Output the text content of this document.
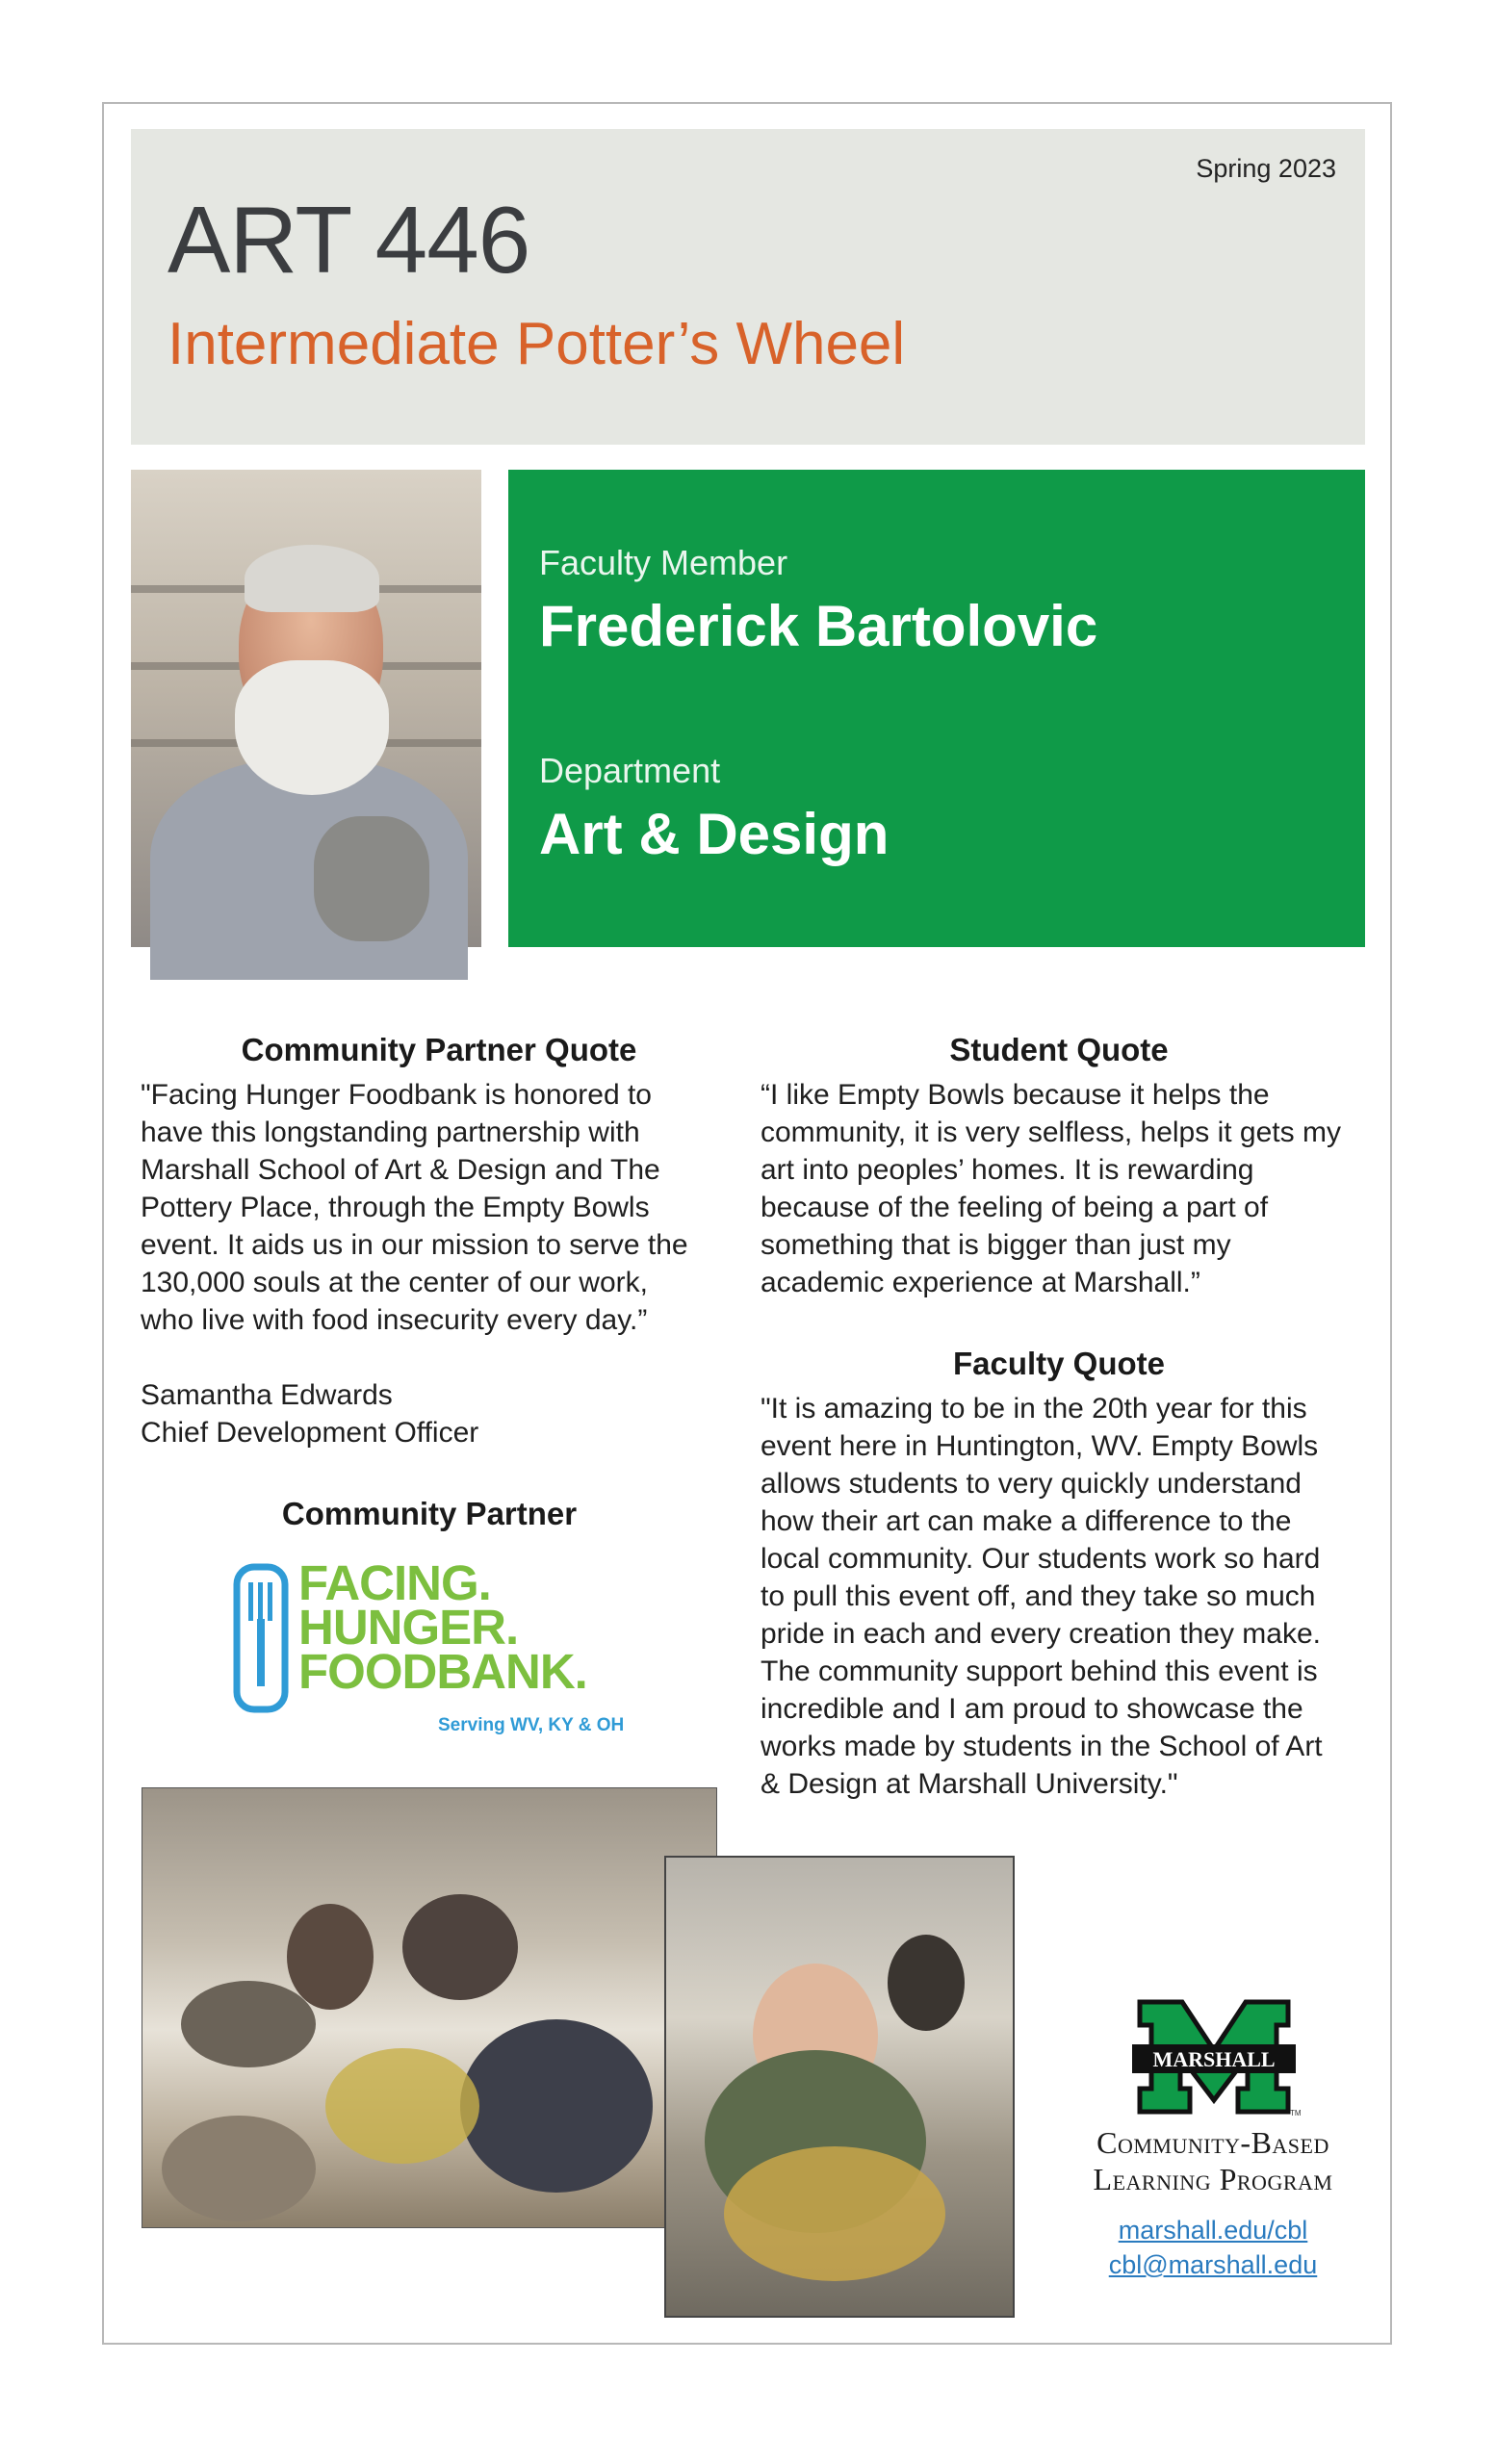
Spring 2023
ART 446
Intermediate Potter’s Wheel
Faculty Member
Frederick Bartolovic
Department
Art & Design
Community Partner Quote
"Facing Hunger Foodbank is honored to
have this longstanding partnership with
Marshall School of Art & Design and The
Pottery Place, through the Empty Bowls
event. It aids us in our mission to serve the
130,000 souls at the center of our work,
who live with food insecurity every day.”
Samantha Edwards
Chief Development Officer
Community Partner
FACING.
HUNGER.
FOODBANK.
Serving WV, KY & OH
Student Quote
“I like Empty Bowls because it helps the
community, it is very selfless, helps it gets my
art into peoples’ homes. It is rewarding
because of the feeling of being a part of
something that is bigger than just my
academic experience at Marshall.”
Faculty Quote
"It is amazing to be in the 20th year for this
event here in Huntington, WV. Empty Bowls
allows students to very quickly understand
how their art can make a difference to the
local community. Our students work so hard
to pull this event off, and they take so much
pride in each and every creation they make.
The community support behind this event is
incredible and I am proud to showcase the
works made by students in the School of Art
& Design at Marshall University."
MARSHALL
TM
Community-Based
Learning Program
marshall.edu/cbl
cbl@marshall.edu
